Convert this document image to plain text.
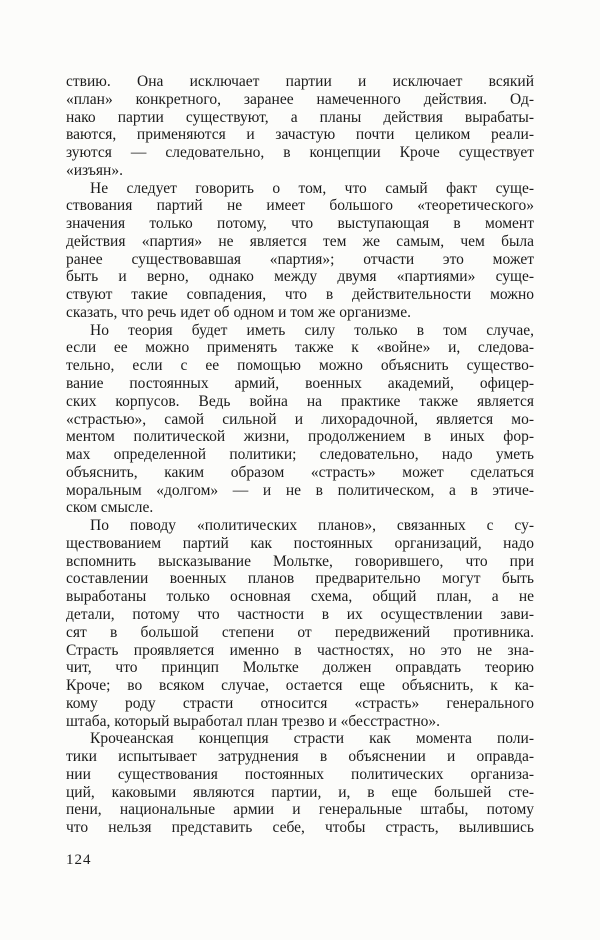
ствию. Она исключает партии и исключает всякий
«план» конкретного, заранее намеченного действия. Од-
нако партии существуют, а планы действия вырабаты-
ваются, применяются и зачастую почти целиком реали-
зуются — следовательно, в концепции Кроче существует
«изъян».
Не следует говорить о том, что самый факт суще-
ствования партий не имеет большого «теоретического»
значения только потому, что выступающая в момент
действия «партия» не является тем же самым, чем была
ранее существовавшая «партия»; отчасти это может
быть и верно, однако между двумя «партиями» суще-
ствуют такие совпадения, что в действительности можно
сказать, что речь идет об одном и том же организме.
Но теория будет иметь силу только в том случае,
если ее можно применять также к «войне» и, следова-
тельно, если с ее помощью можно объяснить существо-
вание постоянных армий, военных академий, офицер-
ских корпусов. Ведь война на практике также является
«страстью», самой сильной и лихорадочной, является мо-
ментом политической жизни, продолжением в иных фор-
мах определенной политики; следовательно, надо уметь
объяснить, каким образом «страсть» может сделаться
моральным «долгом» — и не в политическом, а в этиче-
ском смысле.
По поводу «политических планов», связанных с су-
ществованием партий как постоянных организаций, надо
вспомнить высказывание Мольтке, говорившего, что при
составлении военных планов предварительно могут быть
выработаны только основная схема, общий план, а не
детали, потому что частности в их осуществлении зави-
сят в большой степени от передвижений противника.
Страсть проявляется именно в частностях, но это не зна-
чит, что принцип Мольтке должен оправдать теорию
Кроче; во всяком случае, остается еще объяснить, к ка-
кому роду страсти относится «страсть» генерального
штаба, который выработал план трезво и «бесстрастно».
Крочеанская концепция страсти как момента поли-
тики испытывает затруднения в объяснении и оправда-
нии существования постоянных политических организа-
ций, каковыми являются партии, и, в еще большей сте-
пени, национальные армии и генеральные штабы, потому
что нельзя представить себе, чтобы страсть, вылившись
124
